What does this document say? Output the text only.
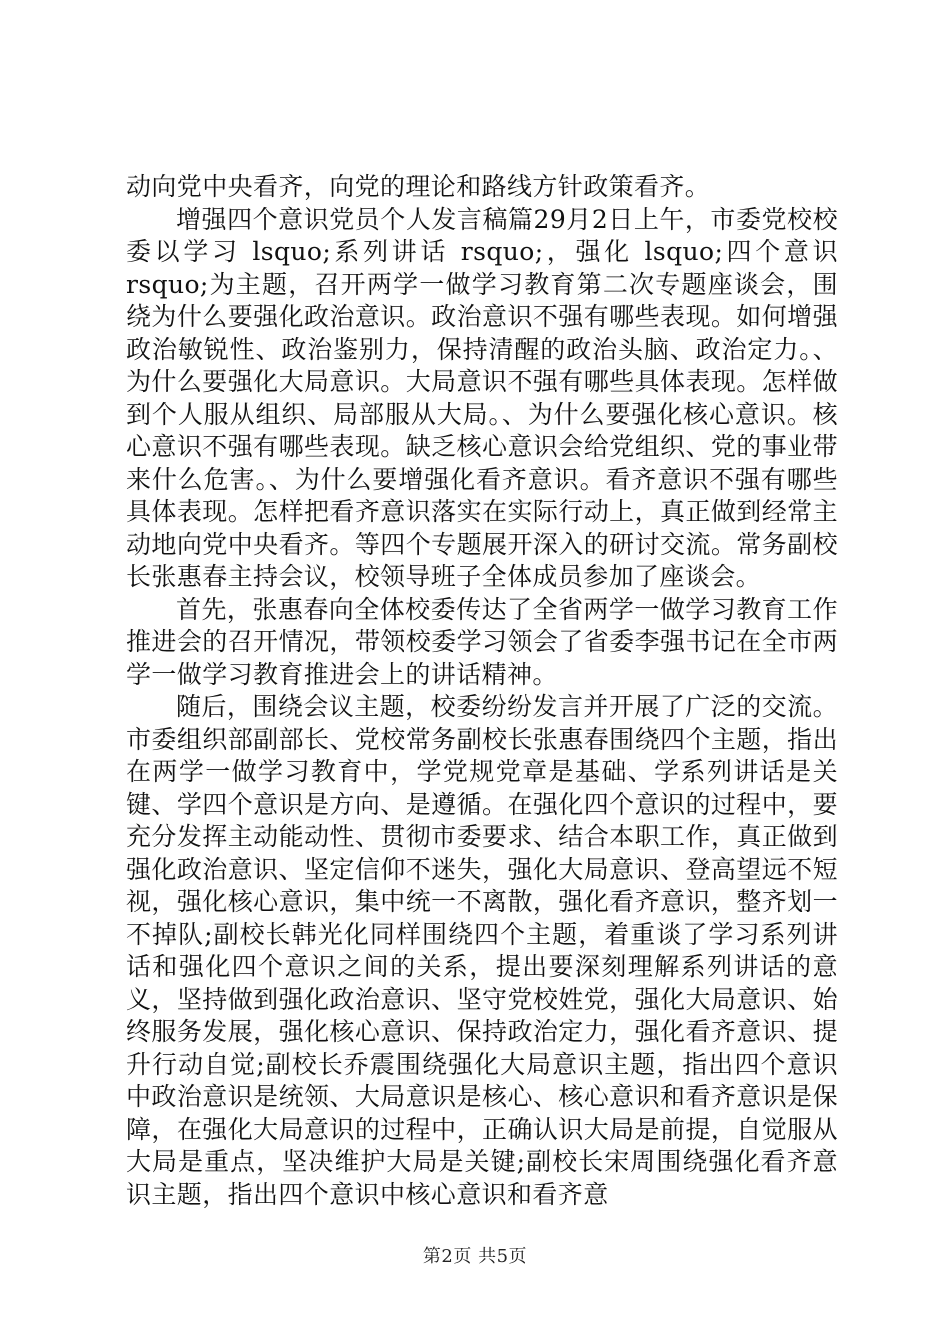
动向党中央看齐，向党的理论和路线方针政策看齐。

增强四个意识党员个人发言稿篇29月2日上午，市委党校校委以学习 lsquo;系列讲话 rsquo;，强化 lsquo;四个意识 rsquo;为主题，召开两学一做学习教育第二次专题座谈会，围绕为什么要强化政治意识。政治意识不强有哪些表现。如何增强政治敏锐性、政治鉴别力，保持清醒的政治头脑、政治定力。、为什么要强化大局意识。大局意识不强有哪些具体表现。怎样做到个人服从组织、局部服从大局。、为什么要强化核心意识。核心意识不强有哪些表现。缺乏核心意识会给党组织、党的事业带来什么危害。、为什么要增强化看齐意识。看齐意识不强有哪些具体表现。怎样把看齐意识落实在实际行动上，真正做到经常主动地向党中央看齐。等四个专题展开深入的研讨交流。常务副校长张惠春主持会议，校领导班子全体成员参加了座谈会。

首先，张惠春向全体校委传达了全省两学一做学习教育工作推进会的召开情况，带领校委学习领会了省委李强书记在全市两学一做学习教育推进会上的讲话精神。

随后，围绕会议主题，校委纷纷发言并开展了广泛的交流。市委组织部副部长、党校常务副校长张惠春围绕四个主题，指出在两学一做学习教育中，学党规党章是基础、学系列讲话是关键、学四个意识是方向、是遵循。在强化四个意识的过程中，要充分发挥主动能动性、贯彻市委要求、结合本职工作，真正做到强化政治意识、坚定信仰不迷失，强化大局意识、登高望远不短视，强化核心意识，集中统一不离散，强化看齐意识，整齐划一不掉队;副校长韩光化同样围绕四个主题，着重谈了学习系列讲话和强化四个意识之间的关系，提出要深刻理解系列讲话的意义，坚持做到强化政治意识、坚守党校姓党，强化大局意识、始终服务发展，强化核心意识、保持政治定力，强化看齐意识、提升行动自觉;副校长乔震围绕强化大局意识主题，指出四个意识中政治意识是统领、大局意识是核心、核心意识和看齐意识是保障，在强化大局意识的过程中，正确认识大局是前提，自觉服从大局是重点，坚决维护大局是关键;副校长宋周围绕强化看齐意识主题，指出四个意识中核心意识和看齐意

第2页 共5页
